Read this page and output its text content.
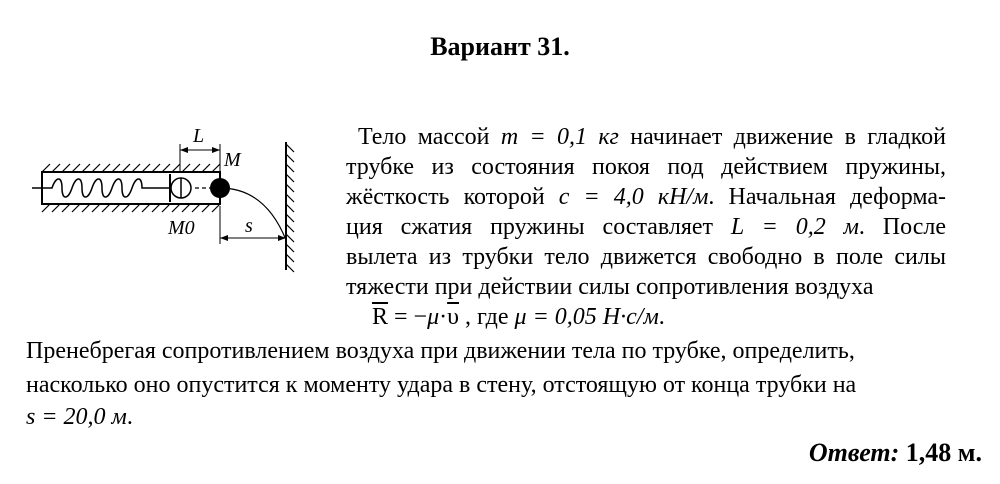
Вариант 31.
L
M
M0	s
Тело массой m = 0,1 кг начинает движение в гладкой
трубке из состояния покоя под действием пружины,
жёсткость которой c = 4,0 кН/м. Начальная деформа-
ция сжатия пружины составляет L = 0,2 м. После
вылета из трубки тело движется свободно в поле силы
тяжести при действии силы сопротивления воздуха
$\overline{R} = -\mu\cdot\overline{\upsilon}$ , где μ = 0,05 Н·с/м.
Пренебрегая сопротивлением воздуха при движении тела по трубке, определить,
насколько оно опустится к моменту удара в стену, отстоящую от конца трубки на
s = 20,0 м.
Ответ: 1,48 м.
